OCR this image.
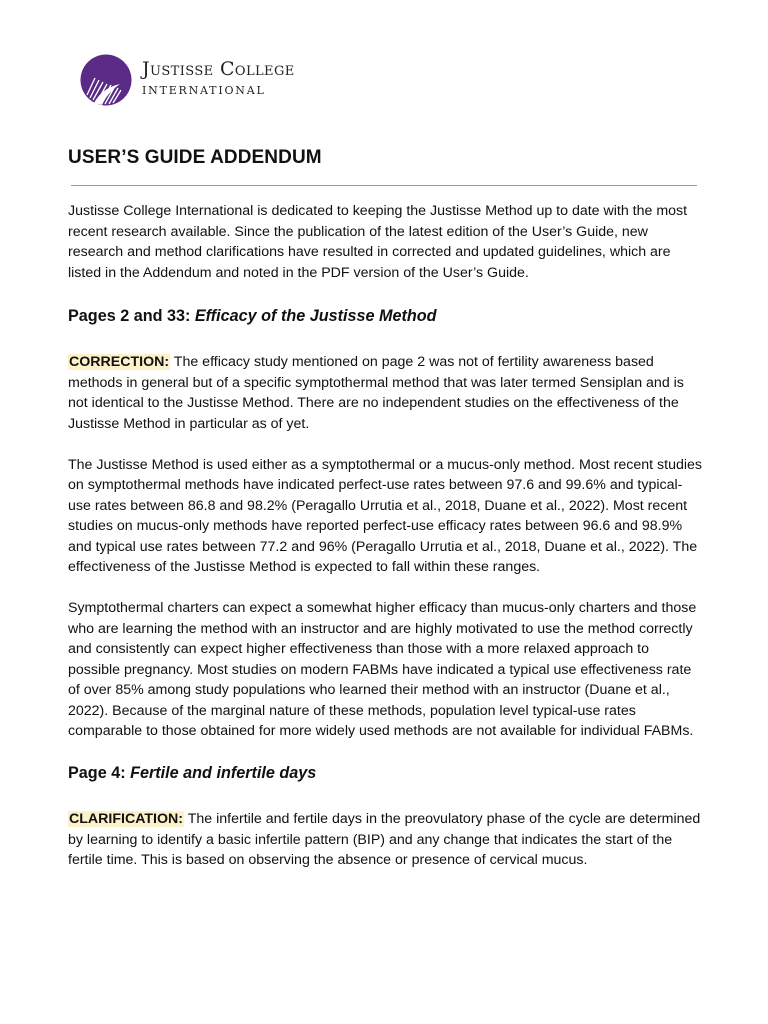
Justisse College
INTERNATIONAL
USER’S GUIDE ADDENDUM

Justisse College International is dedicated to keeping the Justisse Method up to date with the most recent research available. Since the publication of the latest edition of the User’s Guide, new research and method clarifications have resulted in corrected and updated guidelines, which are listed in the Addendum and noted in the PDF version of the User’s Guide.

Pages 2 and 33: Efficacy of the Justisse Method

CORRECTION: The efficacy study mentioned on page 2 was not of fertility awareness based methods in general but of a specific symptothermal method that was later termed Sensiplan and is not identical to the Justisse Method. There are no independent studies on the effectiveness of the Justisse Method in particular as of yet.

The Justisse Method is used either as a symptothermal or a mucus-only method. Most recent studies on symptothermal methods have indicated perfect-use rates between 97.6 and 99.6% and typical-use rates between 86.8 and 98.2% (Peragallo Urrutia et al., 2018, Duane et al., 2022). Most recent studies on mucus-only methods have reported perfect-use efficacy rates between 96.6 and 98.9% and typical use rates between 77.2 and 96% (Peragallo Urrutia et al., 2018, Duane et al., 2022). The effectiveness of the Justisse Method is expected to fall within these ranges.

Symptothermal charters can expect a somewhat higher efficacy than mucus-only charters and those who are learning the method with an instructor and are highly motivated to use the method correctly and consistently can expect higher effectiveness than those with a more relaxed approach to possible pregnancy. Most studies on modern FABMs have indicated a typical use effectiveness rate of over 85% among study populations who learned their method with an instructor (Duane et al., 2022). Because of the marginal nature of these methods, population level typical-use rates comparable to those obtained for more widely used methods are not available for individual FABMs.

Page 4: Fertile and infertile days

CLARIFICATION: The infertile and fertile days in the preovulatory phase of the cycle are determined by learning to identify a basic infertile pattern (BIP) and any change that indicates the start of the fertile time. This is based on observing the absence or presence of cervical mucus.
